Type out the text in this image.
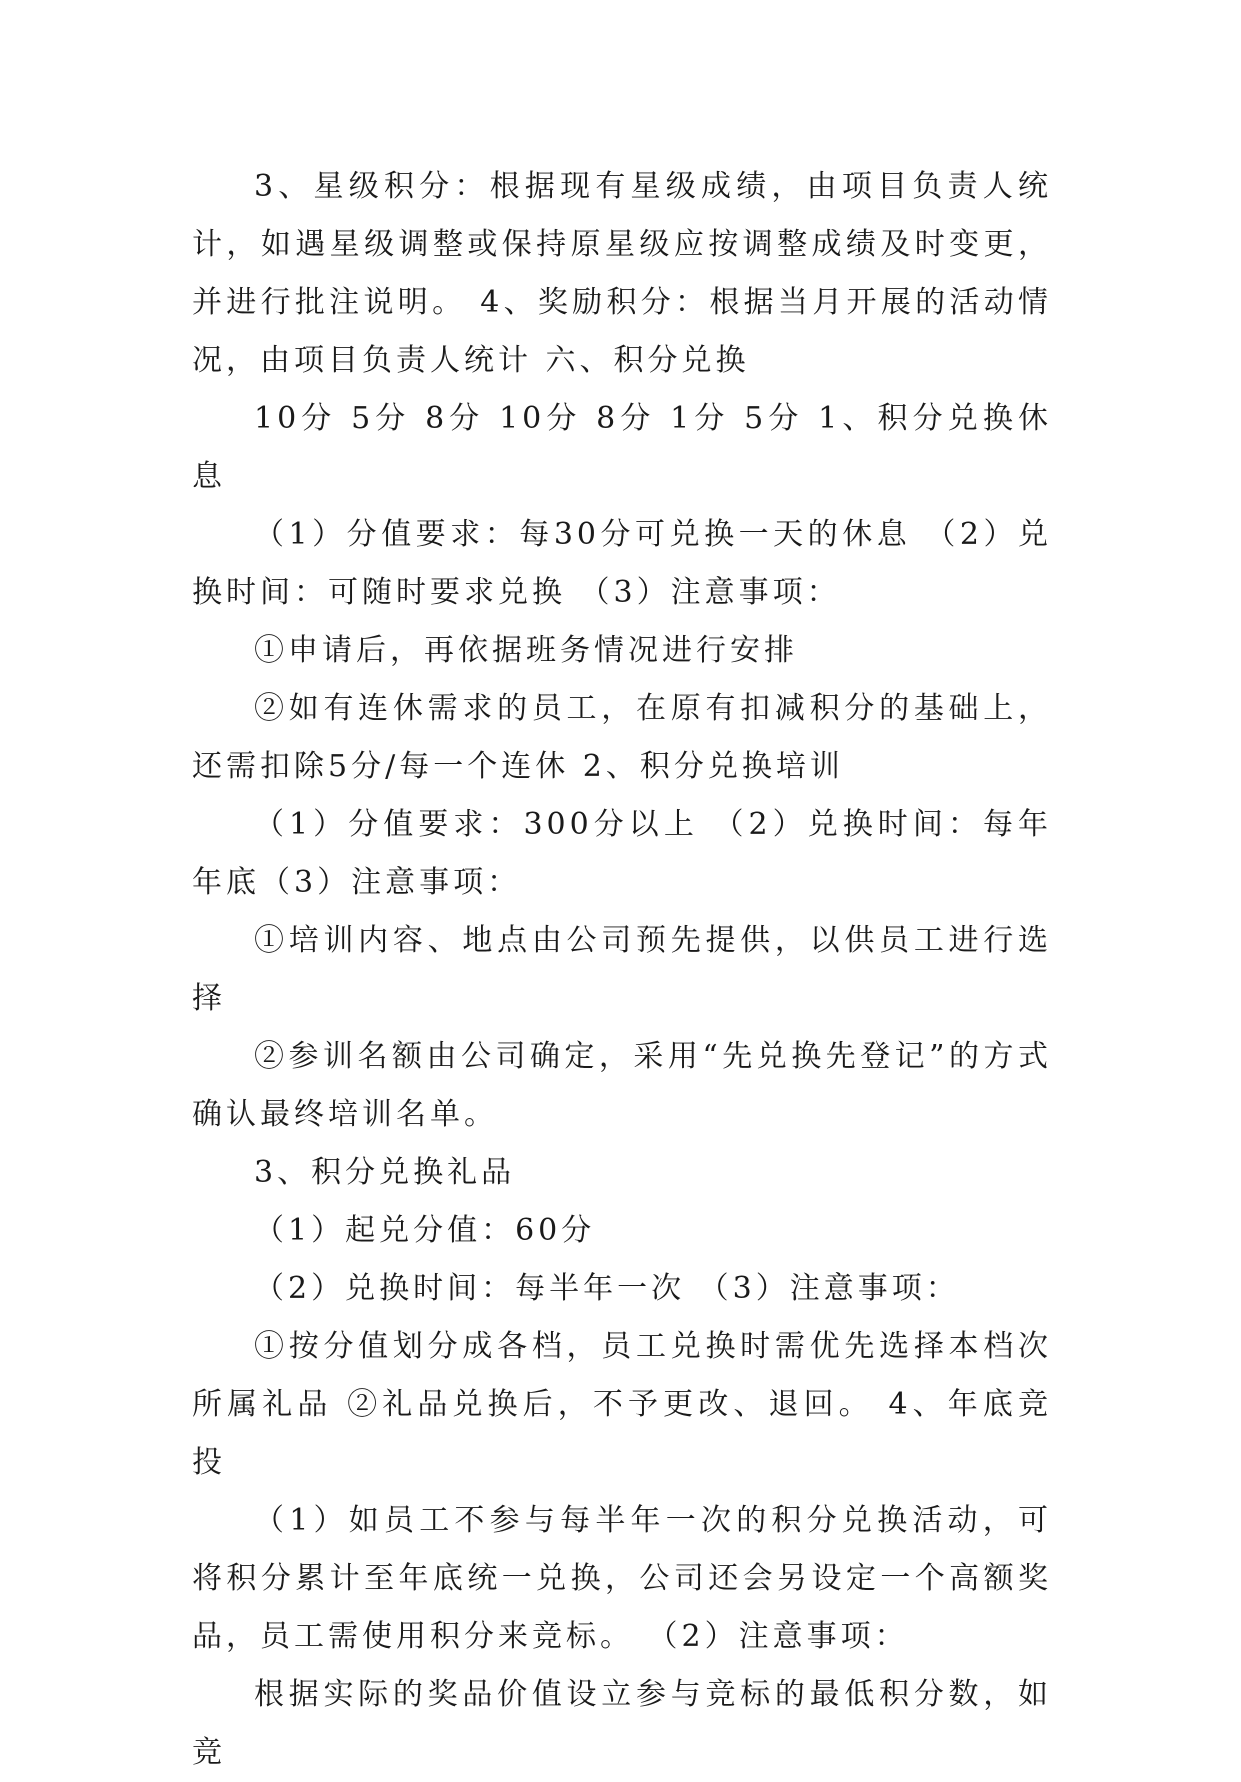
3、星级积分：根据现有星级成绩，由项目负责人统计，如遇星级调整或保持原星级应按调整成绩及时变更，并进行批注说明。 4、奖励积分：根据当月开展的活动情况，由项目负责人统计 六、积分兑换

10分 5分 8分 10分 8分 1分 5分 1、积分兑换休息

（1）分值要求：每30分可兑换一天的休息 （2）兑换时间：可随时要求兑换 （3）注意事项：

①申请后，再依据班务情况进行安排

②如有连休需求的员工，在原有扣减积分的基础上，还需扣除5分/每一个连休 2、积分兑换培训

（1）分值要求：300分以上 （2）兑换时间：每年年底（3）注意事项：

①培训内容、地点由公司预先提供，以供员工进行选择

②参训名额由公司确定，采用“先兑换先登记”的方式确认最终培训名单。

3、积分兑换礼品

（1）起兑分值：60分

（2）兑换时间：每半年一次 （3）注意事项：

①按分值划分成各档，员工兑换时需优先选择本档次所属礼品 ②礼品兑换后，不予更改、退回。 4、年底竞投

（1）如员工不参与每半年一次的积分兑换活动，可将积分累计至年底统一兑换，公司还会另设定一个高额奖品，员工需使用积分来竞标。 （2）注意事项：

根据实际的奖品价值设立参与竞标的最低积分数，如竞
